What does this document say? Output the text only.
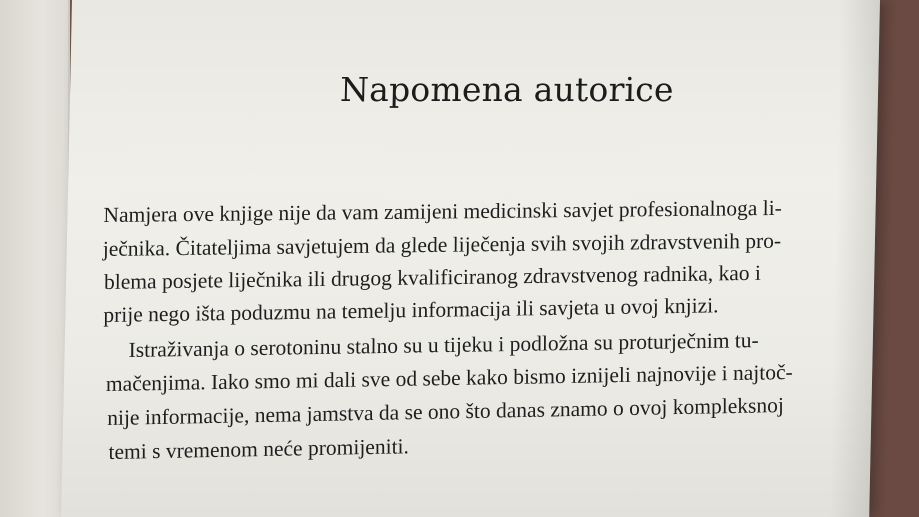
Napomena autorice
Namjera ove knjige nije da vam zamijeni medicinski savjet profesionalnoga li-
ječnika. Čitateljima savjetujem da glede liječenja svih svojih zdravstvenih pro-
blema posjete liječnika ili drugog kvalificiranog zdravstvenog radnika, kao i
prije nego išta poduzmu na temelju informacija ili savjeta u ovoj knjizi.
Istraživanja o serotoninu stalno su u tijeku i podložna su proturječnim tu-
mačenjima. Iako smo mi dali sve od sebe kako bismo iznijeli najnovije i najtoč-
nije informacije, nema jamstva da se ono što danas znamo o ovoj kompleksnoj
temi s vremenom neće promijeniti.
